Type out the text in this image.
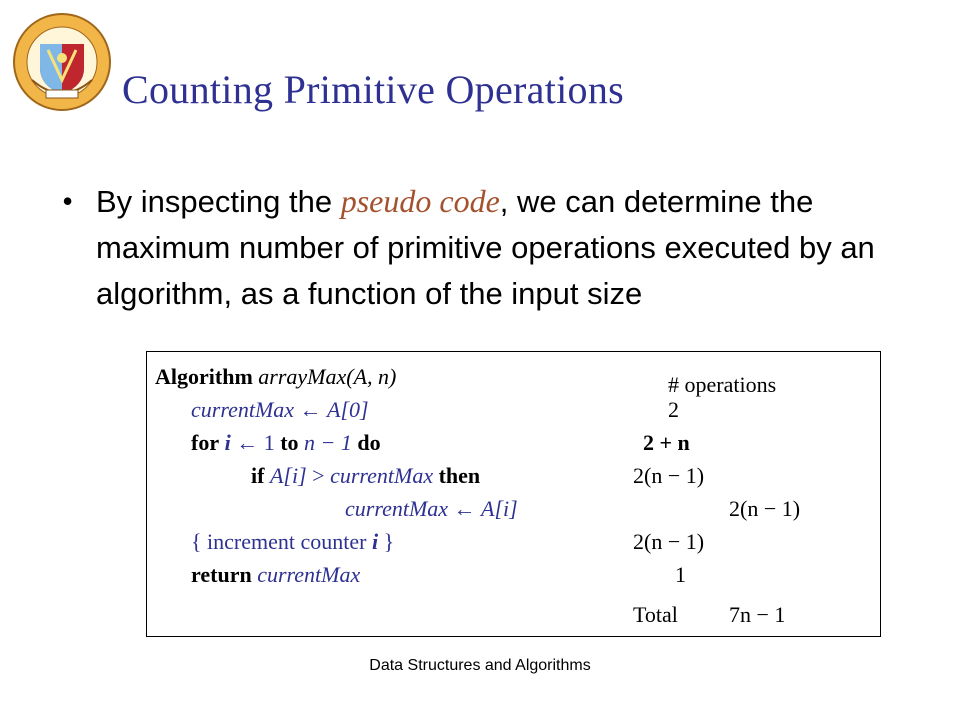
Counting Primitive Operations
• By inspecting the pseudo code, we can determine the maximum number of primitive operations executed by an algorithm, as a function of the input size
Algorithm arrayMax(A, n)
currentMax ← A[0]
for i ← 1 to n − 1 do
if A[i] > currentMax then
currentMax ← A[i]
{ increment counter i }
return currentMax
# operations
2
2 + n
2(n − 1)
2(n − 1)
2(n − 1)
1
Total 7n − 1
Data Structures and Algorithms
